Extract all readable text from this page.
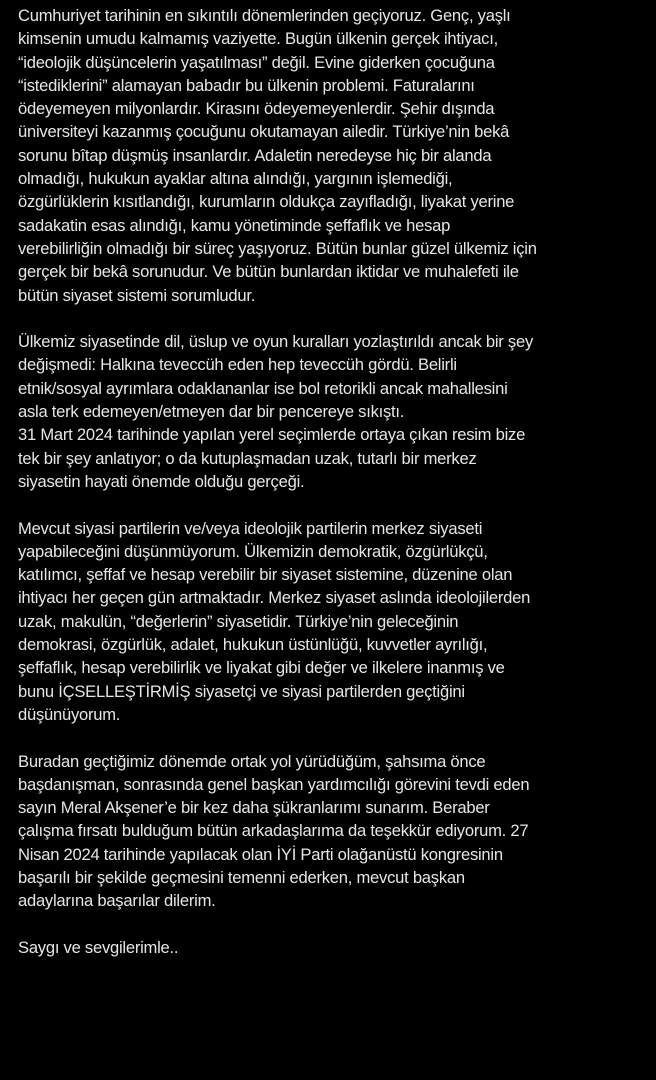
Cumhuriyet tarihinin en sıkıntılı dönemlerinden geçiyoruz. Genç, yaşlı
kimsenin umudu kalmamış vaziyette. Bugün ülkenin gerçek ihtiyacı,
“ideolojik düşüncelerin yaşatılması” değil. Evine giderken çocuğuna
“istediklerini” alamayan babadır bu ülkenin problemi. Faturalarını
ödeyemeyen milyonlardır. Kirasını ödeyemeyenlerdir. Şehir dışında
üniversiteyi kazanmış çocuğunu okutamayan ailedir. Türkiye’nin bekâ
sorunu bîtap düşmüş insanlardır. Adaletin neredeyse hiç bir alanda
olmadığı, hukukun ayaklar altına alındığı, yargının işlemediği,
özgürlüklerin kısıtlandığı, kurumların oldukça zayıfladığı, liyakat yerine
sadakatin esas alındığı, kamu yönetiminde şeffaflık ve hesap
verebilirliğin olmadığı bir süreç yaşıyoruz. Bütün bunlar güzel ülkemiz için
gerçek bir bekâ sorunudur. Ve bütün bunlardan iktidar ve muhalefeti ile
bütün siyaset sistemi sorumludur.

Ülkemiz siyasetinde dil, üslup ve oyun kuralları yozlaştırıldı ancak bir şey
değişmedi: Halkına teveccüh eden hep teveccüh gördü. Belirli
etnik/sosyal ayrımlara odaklananlar ise bol retorikli ancak mahallesini
asla terk edemeyen/etmeyen dar bir pencereye sıkıştı.
31 Mart 2024 tarihinde yapılan yerel seçimlerde ortaya çıkan resim bize
tek bir şey anlatıyor; o da kutuplaşmadan uzak, tutarlı bir merkez
siyasetin hayati önemde olduğu gerçeği.

Mevcut siyasi partilerin ve/veya ideolojik partilerin merkez siyaseti
yapabileceğini düşünmüyorum. Ülkemizin demokratik, özgürlükçü,
katılımcı, şeffaf ve hesap verebilir bir siyaset sistemine, düzenine olan
ihtiyacı her geçen gün artmaktadır. Merkez siyaset aslında ideolojilerden
uzak, makulün, “değerlerin” siyasetidir. Türkiye’nin geleceğinin
demokrasi, özgürlük, adalet, hukukun üstünlüğü, kuvvetler ayrılığı,
şeffaflık, hesap verebilirlik ve liyakat gibi değer ve ilkelere inanmış ve
bunu İÇSELLEŞTİRMİŞ siyasetçi ve siyasi partilerden geçtiğini
düşünüyorum.

Buradan geçtiğimiz dönemde ortak yol yürüdüğüm, şahsıma önce
başdanışman, sonrasında genel başkan yardımcılığı görevini tevdi eden
sayın Meral Akşener’e bir kez daha şükranlarımı sunarım. Beraber
çalışma fırsatı bulduğum bütün arkadaşlarıma da teşekkür ediyorum. 27
Nisan 2024 tarihinde yapılacak olan İYİ Parti olağanüstü kongresinin
başarılı bir şekilde geçmesini temenni ederken, mevcut başkan
adaylarına başarılar dilerim.

Saygı ve sevgilerimle..
